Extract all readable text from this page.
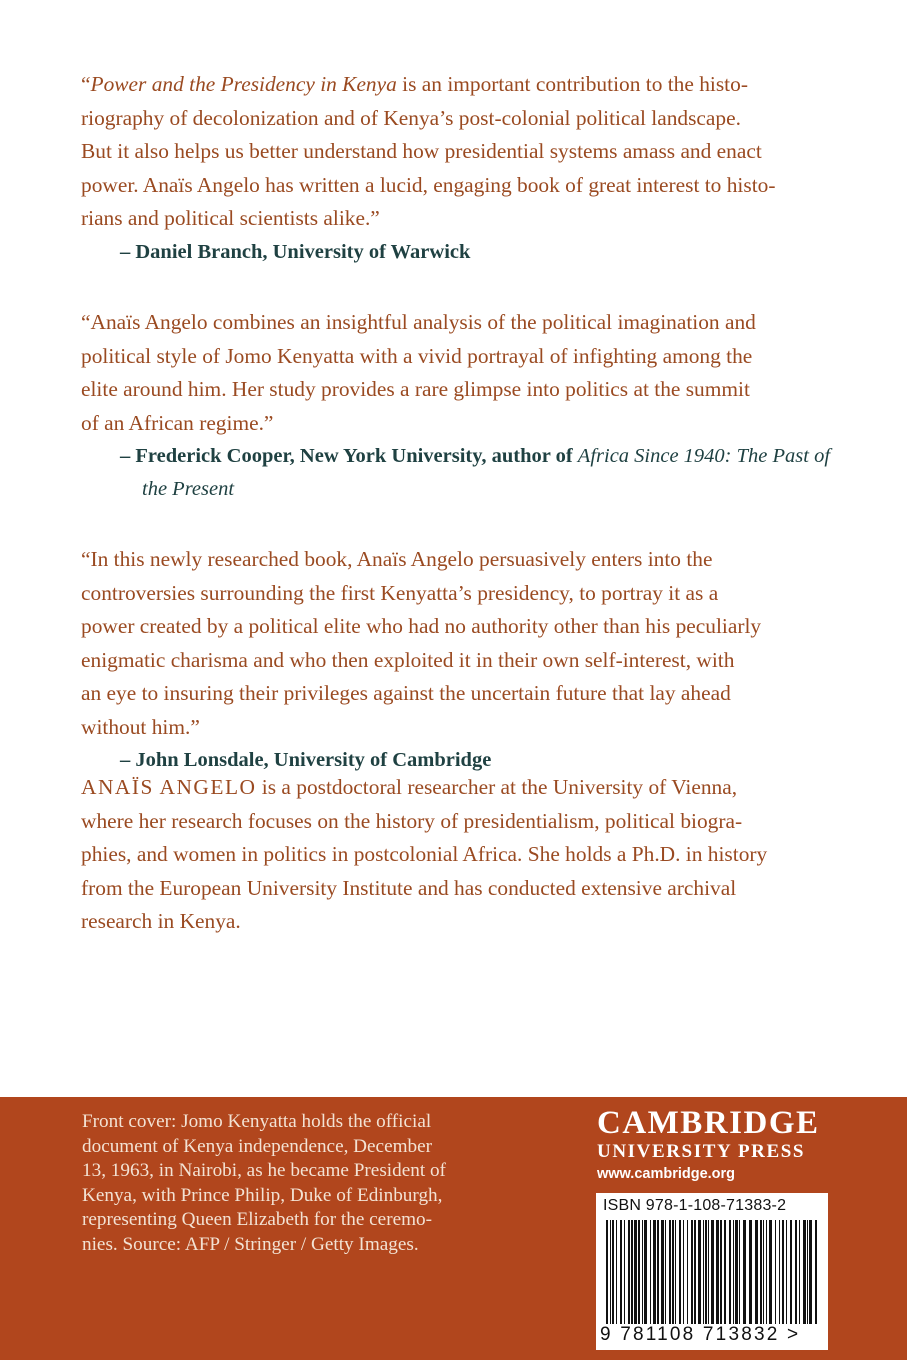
“Power and the Presidency in Kenya is an important contribution to the histo-
riography of decolonization and of Kenya’s post-colonial political landscape.
But it also helps us better understand how presidential systems amass and enact
power. Anaïs Angelo has written a lucid, engaging book of great interest to histo-
rians and political scientists alike.”

– Daniel Branch, University of Warwick

“Anaïs Angelo combines an insightful analysis of the political imagination and
political style of Jomo Kenyatta with a vivid portrayal of infighting among the
elite around him. Her study provides a rare glimpse into politics at the summit
of an African regime.”

– Frederick Cooper, New York University, author of Africa Since 1940: The Past of the Present

“In this newly researched book, Anaïs Angelo persuasively enters into the
controversies surrounding the first Kenyatta’s presidency, to portray it as a
power created by a political elite who had no authority other than his peculiarly
enigmatic charisma and who then exploited it in their own self-interest, with
an eye to insuring their privileges against the uncertain future that lay ahead
without him.”

– John Lonsdale, University of Cambridge

ANAÏS ANGELO is a postdoctoral researcher at the University of Vienna,
where her research focuses on the history of presidentialism, political biogra-
phies, and women in politics in postcolonial Africa. She holds a Ph.D. in history
from the European University Institute and has conducted extensive archival
research in Kenya.

Front cover: Jomo Kenyatta holds the official
document of Kenya independence, December
13, 1963, in Nairobi, as he became President of
Kenya, with Prince Philip, Duke of Edinburgh,
representing Queen Elizabeth for the ceremo-
nies. Source: AFP / Stringer / Getty Images.

CAMBRIDGE
UNIVERSITY PRESS
www.cambridge.org
ISBN 978-1-108-71383-2
9 781108 713832 >
